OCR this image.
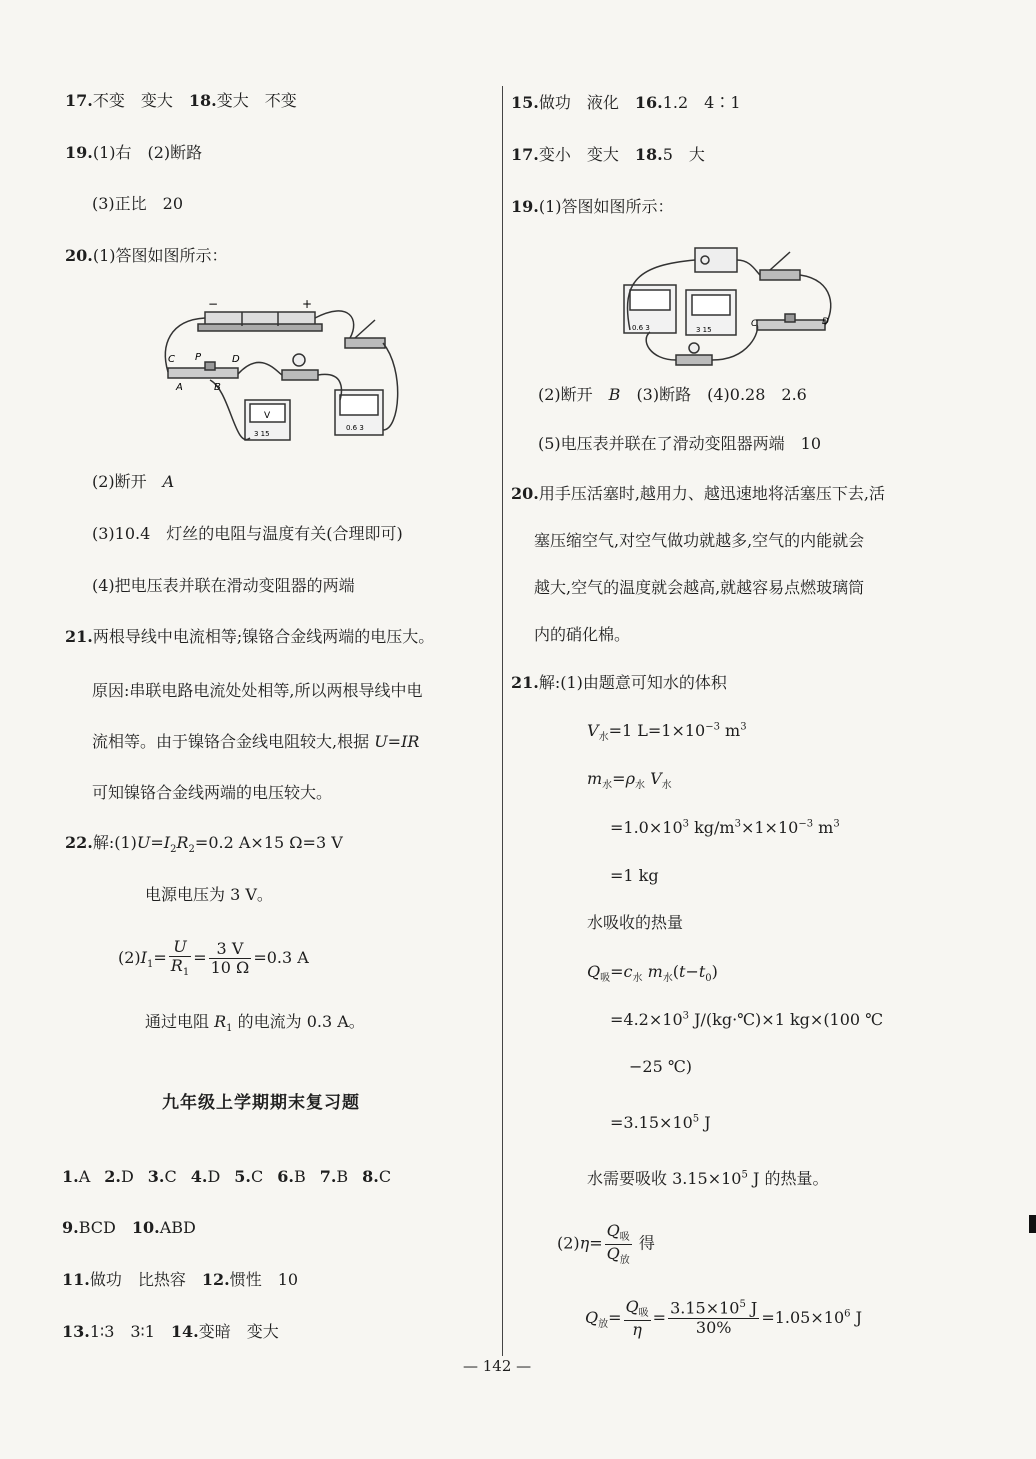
17.不变　变大　18.变大　不变
19.(1)右　(2)断路
(3)正比　20
20.(1)答图如图所示：
−	+
C P	D
A	B
V
3 15
0.6 3
(2)断开　A
(3)10.4　灯丝的电阻与温度有关(合理即可)
(4)把电压表并联在滑动变阻器的两端
21.两根导线中电流相等;镍铬合金线两端的电压大。
原因:串联电路电流处处相等,所以两根导线中电
流相等。由于镍铬合金线电阻较大,根据 U=IR
可知镍铬合金线两端的电压较大。
22.解$:(1)U=I_2R_2=0.2$ A×15 Ω=3 V
电源电压为 3 V。
$(2)I_1= \frac{U}{R_1} = \frac{3 V}{10 \Omega} =0.3$ A
通过电阻 $R_1$ 的电流为 0.3 A。
九年级上学期期末复习题
1.A 2.D 3.C 4.D 5.C 6.B 7.B 8.C
9.BCD　10.ABD
11.做功　比热容　12.惯性　10
13.1∶3　3∶1　14.变暗　变大
15.做功　液化　16.1.2　4∶1
17.变小　变大　18.5　大
19.(1)答图如图所示：
C	D
0.6 3	3 15
(2)断开　B　(3)断路　(4)0.28　2.6
(5)电压表并联在了滑动变阻器两端　10
20.用手压活塞时,越用力、越迅速地将活塞压下去,活
塞压缩空气,对空气做功就越多,空气的内能就会
越大,空气的温度就会越高,就越容易点燃玻璃筒
内的硝化棉。
21.解:(1)由题意可知水的体积
$V_水=1$ $L=1\times 10^{-3}$ $m^3$
$m_水=\rho_水$ $V_水$
$=1.0\times 10^3$ $kg/m^3\times 1\times 10^{-3}$ $m^3$
=1 kg
水吸收的热量
$Q_吸=c_水$ $m_水(t-t_0)$
$=4.2\times 10^3$ J/(kg·℃)×1 kg×(100 ℃
−25 ℃)
$=3.15\times 10^5$ J
水需要吸收 $3.15\times 10^5$ J 的热量。
$(2)\eta= \frac{Q_吸}{Q_放}$ 得
$Q_放= \frac{Q_吸}{\eta} = \frac{3.15\times 10^5 J}{30\%} =1.05\times 10^6$ J
— 142 —
